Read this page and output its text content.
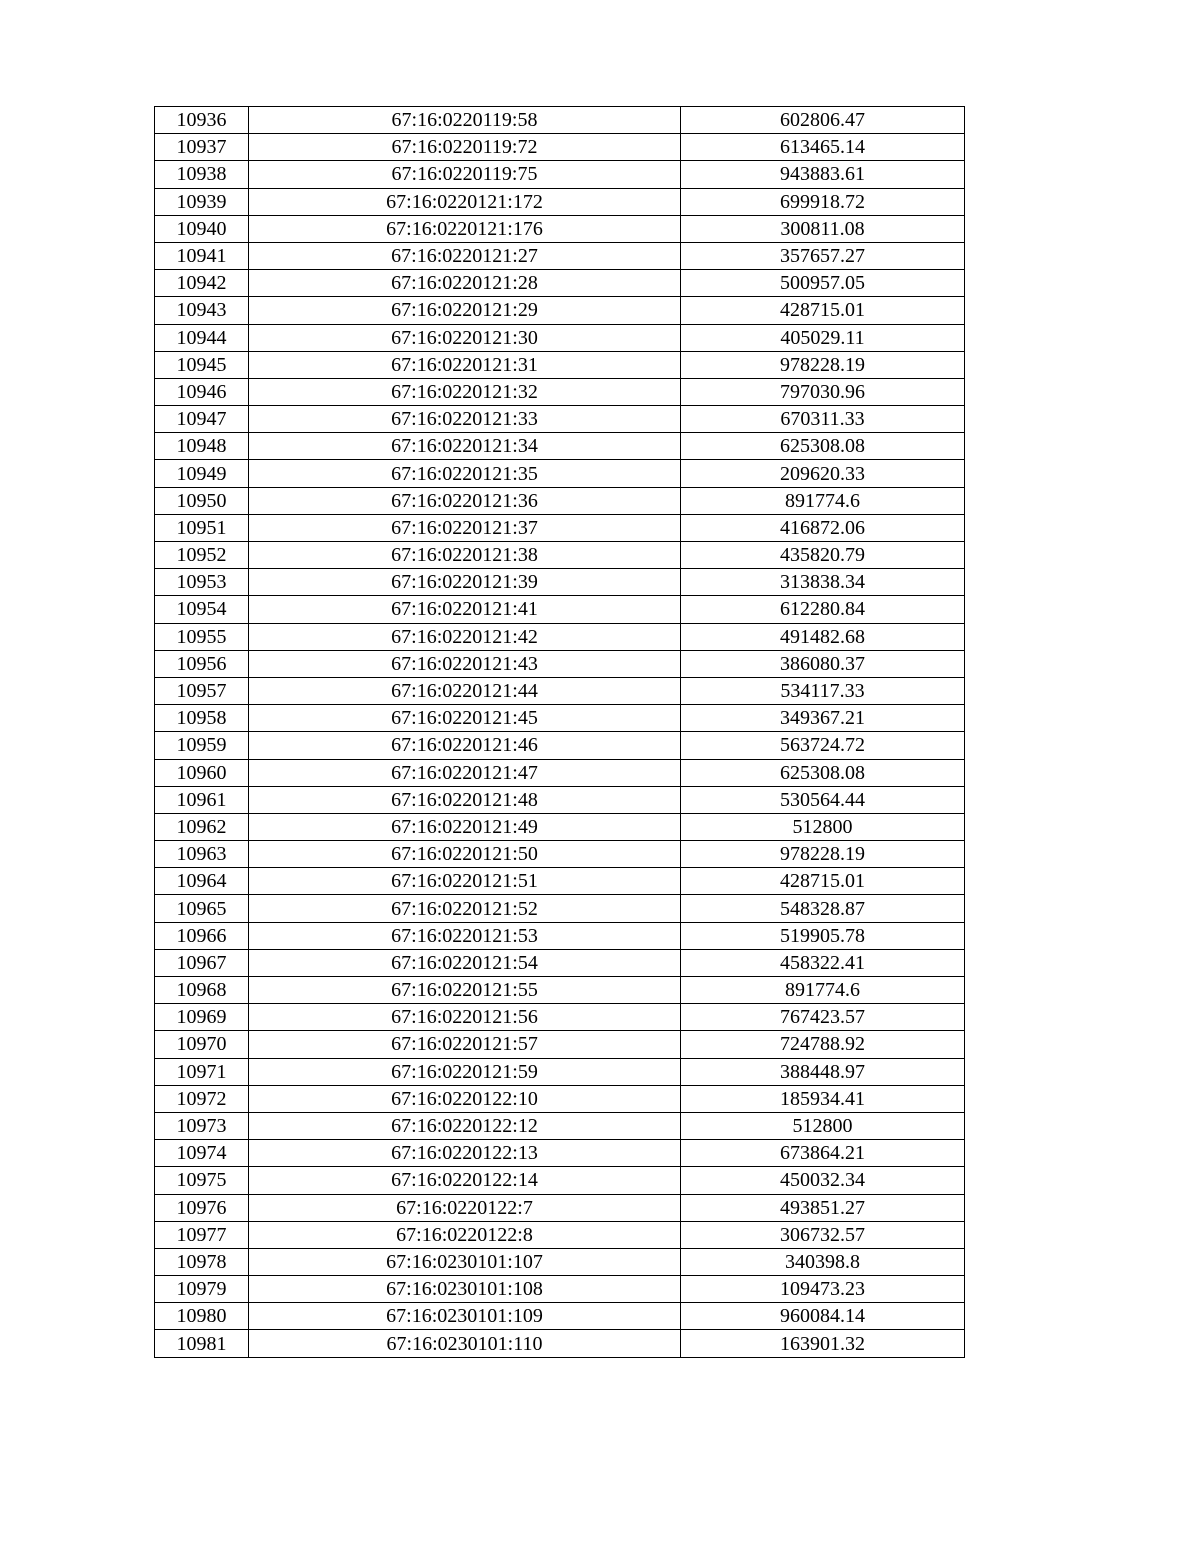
10936	67:16:0220119:58	602806.47
10937	67:16:0220119:72	613465.14
10938	67:16:0220119:75	943883.61
10939	67:16:0220121:172	699918.72
10940	67:16:0220121:176	300811.08
10941	67:16:0220121:27	357657.27
10942	67:16:0220121:28	500957.05
10943	67:16:0220121:29	428715.01
10944	67:16:0220121:30	405029.11
10945	67:16:0220121:31	978228.19
10946	67:16:0220121:32	797030.96
10947	67:16:0220121:33	670311.33
10948	67:16:0220121:34	625308.08
10949	67:16:0220121:35	209620.33
10950	67:16:0220121:36	891774.6
10951	67:16:0220121:37	416872.06
10952	67:16:0220121:38	435820.79
10953	67:16:0220121:39	313838.34
10954	67:16:0220121:41	612280.84
10955	67:16:0220121:42	491482.68
10956	67:16:0220121:43	386080.37
10957	67:16:0220121:44	534117.33
10958	67:16:0220121:45	349367.21
10959	67:16:0220121:46	563724.72
10960	67:16:0220121:47	625308.08
10961	67:16:0220121:48	530564.44
10962	67:16:0220121:49	512800
10963	67:16:0220121:50	978228.19
10964	67:16:0220121:51	428715.01
10965	67:16:0220121:52	548328.87
10966	67:16:0220121:53	519905.78
10967	67:16:0220121:54	458322.41
10968	67:16:0220121:55	891774.6
10969	67:16:0220121:56	767423.57
10970	67:16:0220121:57	724788.92
10971	67:16:0220121:59	388448.97
10972	67:16:0220122:10	185934.41
10973	67:16:0220122:12	512800
10974	67:16:0220122:13	673864.21
10975	67:16:0220122:14	450032.34
10976	67:16:0220122:7	493851.27
10977	67:16:0220122:8	306732.57
10978	67:16:0230101:107	340398.8
10979	67:16:0230101:108	109473.23
10980	67:16:0230101:109	960084.14
10981	67:16:0230101:110	163901.32
